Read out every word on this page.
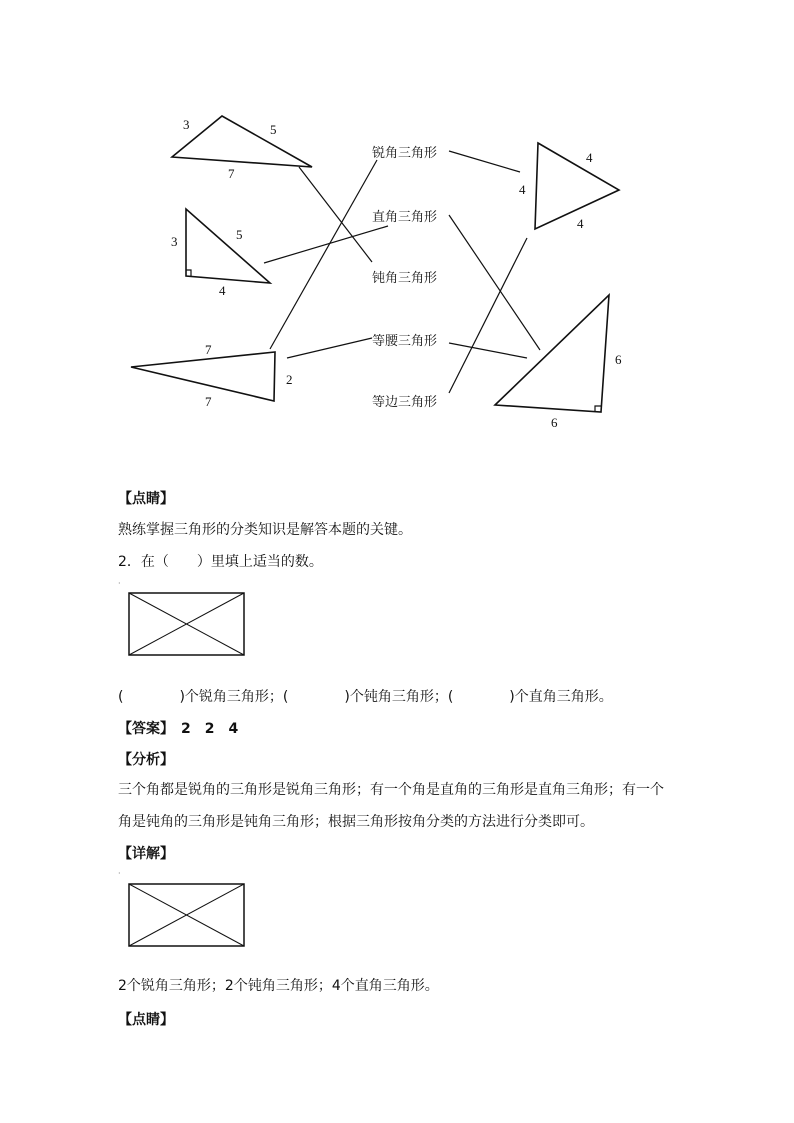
3	5
7
3	5
4
7
2
7
4
4
4
6
6
锐角三角形
直角三角形
钝角三角形
等腰三角形
等边三角形
【点睛】
熟练掌握三角形的分类知识是解答本题的关键。
2．在（　　）里填上适当的数。
·
(　　　　)个锐角三角形；(　　　　)个钝角三角形；(　　　　)个直角三角形。
【答案】　2　2　4
【分析】
三个角都是锐角的三角形是锐角三角形；有一个角是直角的三角形是直角三角形；有一个
角是钝角的三角形是钝角三角形；根据三角形按角分类的方法进行分类即可。
【详解】
·
2个锐角三角形；2个钝角三角形；4个直角三角形。
【点睛】
